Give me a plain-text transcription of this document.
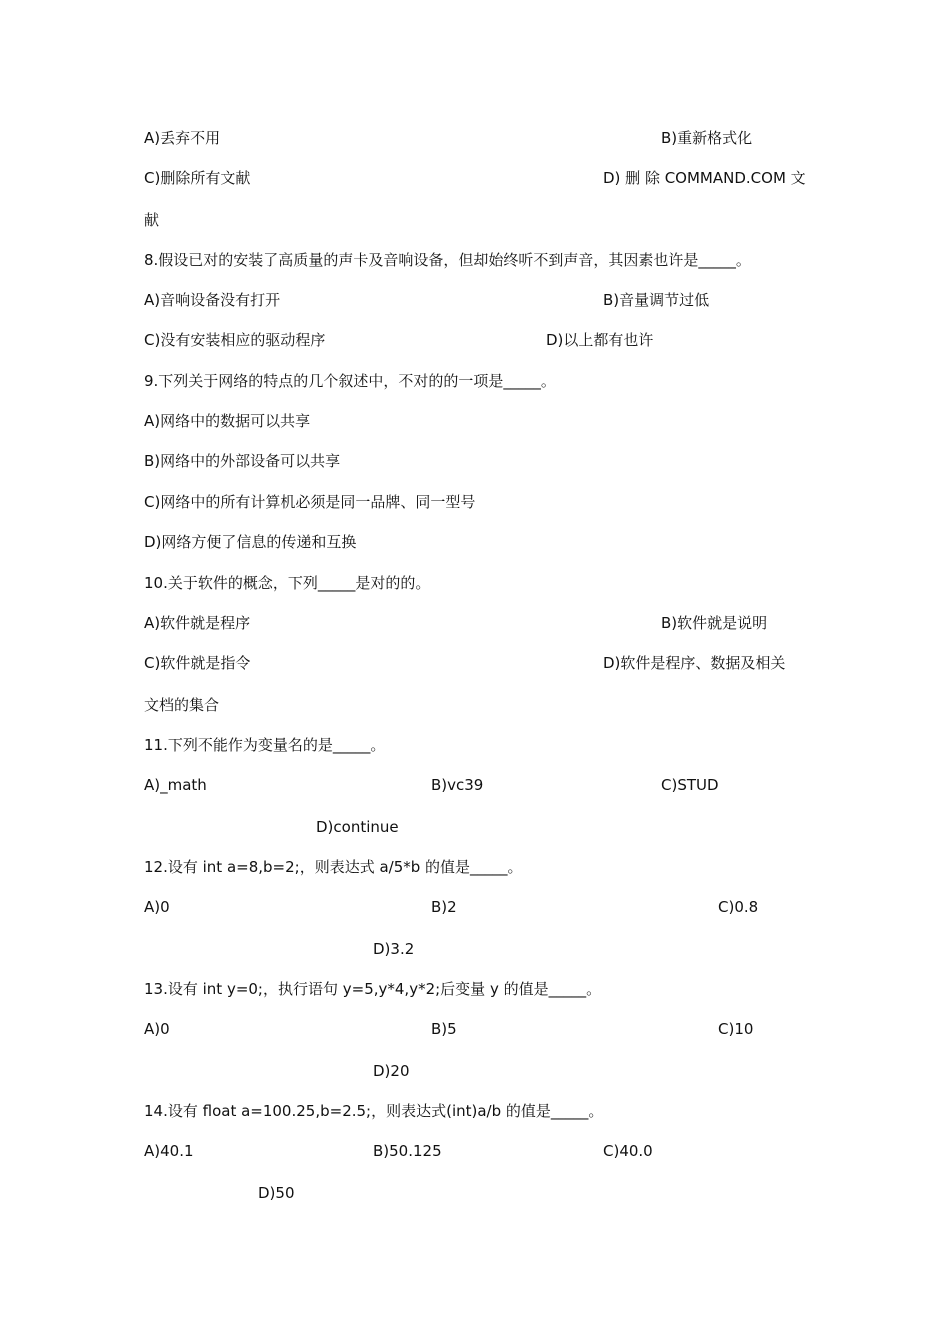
A)丢弃不用	B)重新格式化
C)删除所有文献	D) 删 除 COMMAND.COM 文
献
8.假设已对的安装了高质量的声卡及音响设备，但却始终听不到声音，其因素也许是_____。
A)音响设备没有打开	B)音量调节过低
C)没有安装相应的驱动程序	D)以上都有也许
9.下列关于网络的特点的几个叙述中，不对的的一项是_____。
A)网络中的数据可以共享
B)网络中的外部设备可以共享
C)网络中的所有计算机必须是同一品牌、同一型号
D)网络方便了信息的传递和互换
10.关于软件的概念，下列_____是对的的。
A)软件就是程序	B)软件就是说明
C)软件就是指令	D)软件是程序、数据及相关
文档的集合
11.下列不能作为变量名的是_____。
A)_math	B)vc39	C)STUD
D)continue
12.设有 int a=8,b=2;，则表达式 a/5*b 的值是_____。
A)0	B)2	C)0.8
D)3.2
13.设有 int y=0;，执行语句 y=5,y*4,y*2;后变量 y 的值是_____。
A)0	B)5	C)10
D)20
14.设有 float a=100.25,b=2.5;，则表达式(int)a/b 的值是_____。
A)40.1	B)50.125	C)40.0
D)50
